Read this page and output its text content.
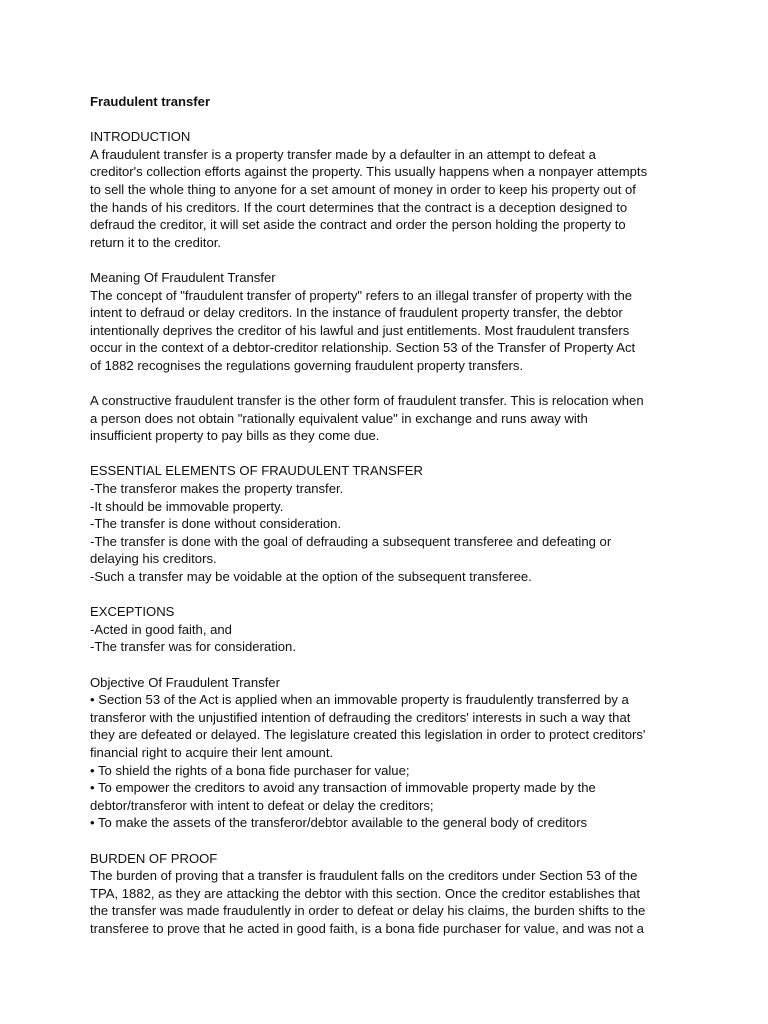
Fraudulent transfer
INTRODUCTION
A fraudulent transfer is a property transfer made by a defaulter in an attempt to defeat a
creditor's collection efforts against the property. This usually happens when a nonpayer attempts
to sell the whole thing to anyone for a set amount of money in order to keep his property out of
the hands of his creditors. If the court determines that the contract is a deception designed to
defraud the creditor, it will set aside the contract and order the person holding the property to
return it to the creditor.
Meaning Of Fraudulent Transfer
The concept of "fraudulent transfer of property" refers to an illegal transfer of property with the
intent to defraud or delay creditors. In the instance of fraudulent property transfer, the debtor
intentionally deprives the creditor of his lawful and just entitlements. Most fraudulent transfers
occur in the context of a debtor-creditor relationship. Section 53 of the Transfer of Property Act
of 1882 recognises the regulations governing fraudulent property transfers.
A constructive fraudulent transfer is the other form of fraudulent transfer. This is relocation when
a person does not obtain "rationally equivalent value" in exchange and runs away with
insufficient property to pay bills as they come due.
ESSENTIAL ELEMENTS OF FRAUDULENT TRANSFER
-The transferor makes the property transfer.
-It should be immovable property.
-The transfer is done without consideration.
-The transfer is done with the goal of defrauding a subsequent transferee and defeating or
delaying his creditors.
-Such a transfer may be voidable at the option of the subsequent transferee.
EXCEPTIONS
-Acted in good faith, and
-The transfer was for consideration.
Objective Of Fraudulent Transfer
• Section 53 of the Act is applied when an immovable property is fraudulently transferred by a
transferor with the unjustified intention of defrauding the creditors' interests in such a way that
they are defeated or delayed. The legislature created this legislation in order to protect creditors'
financial right to acquire their lent amount.
• To shield the rights of a bona fide purchaser for value;
• To empower the creditors to avoid any transaction of immovable property made by the
debtor/transferor with intent to defeat or delay the creditors;
• To make the assets of the transferor/debtor available to the general body of creditors
BURDEN OF PROOF
The burden of proving that a transfer is fraudulent falls on the creditors under Section 53 of the
TPA, 1882, as they are attacking the debtor with this section. Once the creditor establishes that
the transfer was made fraudulently in order to defeat or delay his claims, the burden shifts to the
transferee to prove that he acted in good faith, is a bona fide purchaser for value, and was not a
